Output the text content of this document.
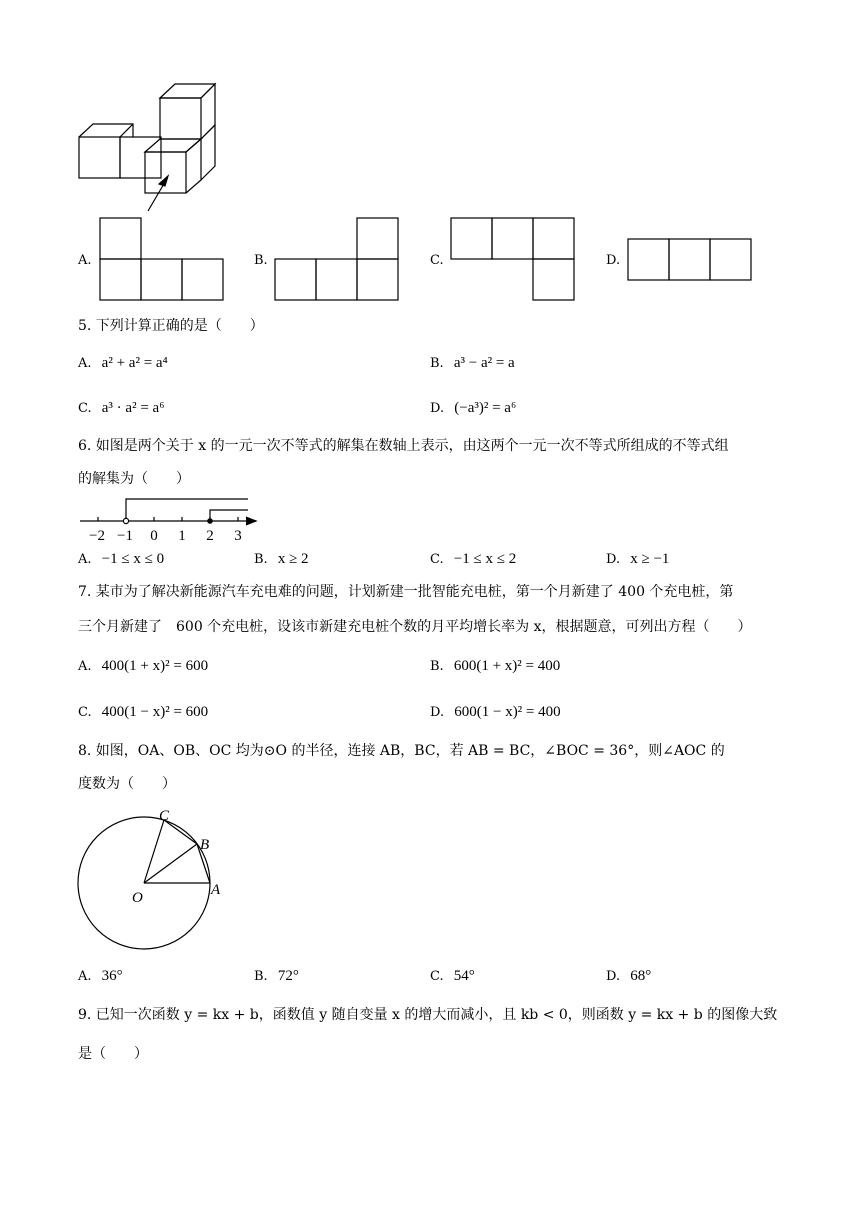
A.	B.	C.	D.
5. 下列计算正确的是（　　）
A. a² + a² = a⁴	B. a³ − a² = a
C. a³ · a² = a⁶	D. (−a³)² = a⁶
6. 如图是两个关于 x 的一元一次不等式的解集在数轴上表示，由这两个一元一次不等式所组成的不等式组
的解集为（　　）
−2 −1 0 1 2 3
A. −1 ≤ x ≤ 0	B. x ≥ 2	C. −1 ≤ x ≤ 2	D. x ≥ −1
7. 某市为了解决新能源汽车充电难的问题，计划新建一批智能充电桩，第一个月新建了 400 个充电桩，第
三个月新建了　600 个充电桩，设该市新建充电桩个数的月平均增长率为 x，根据题意，可列出方程（　　）
A. 400(1 + x)² = 600	B. 600(1 + x)² = 400
C. 400(1 − x)² = 600	D. 600(1 − x)² = 400
8. 如图，OA、OB、OC 均为⊙O 的半径，连接 AB，BC，若 AB = BC，∠BOC = 36°，则∠AOC 的
度数为（　　）
C
B
O	A
A. 36°	B. 72°	C. 54°	D. 68°
9. 已知一次函数 y = kx + b，函数值 y 随自变量 x 的增大而减小，且 kb < 0，则函数 y = kx + b 的图像大致
是（　　）
